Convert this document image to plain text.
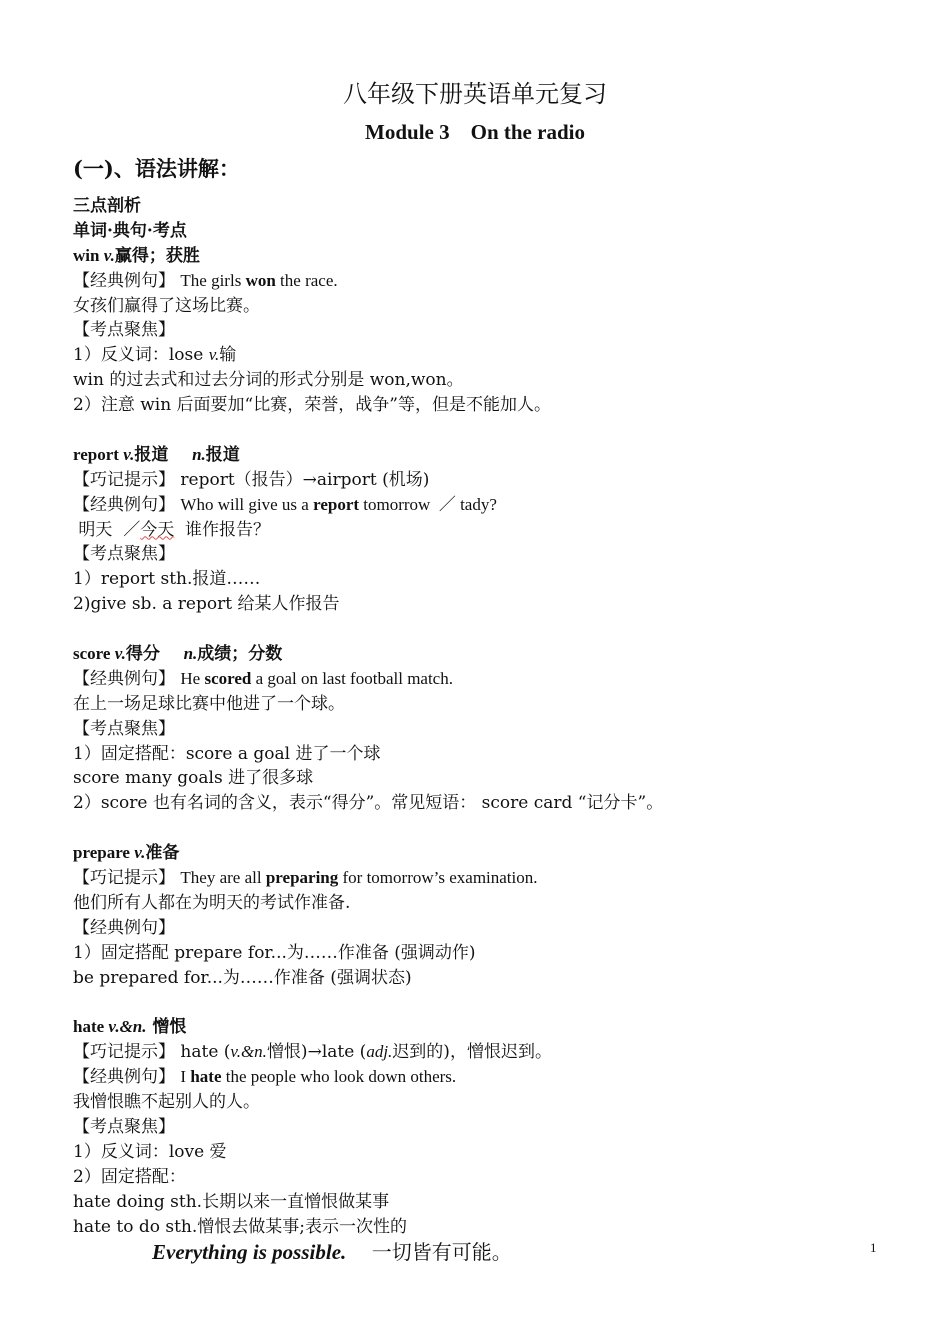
八年级下册英语单元复习
Module 3    On the radio
(一)、语法讲解：
三点剖析
单词·典句·考点
win v.赢得；获胜
【经典例句】 The girls won the race.
女孩们赢得了这场比赛。
【考点聚焦】
1）反义词：lose v.输
win 的过去式和过去分词的形式分别是 won,won。
2）注意 win 后面要加“比赛，荣誉，战争”等，但是不能加人。
report v.报道    n.报道
【巧记提示】 report（报告）→airport (机场)
【经典例句】 Who will give us a report tomorrow  ／ tady?
明天  ／今天  谁作报告？
【考点聚焦】
1）report sth.报道……
2)give sb. a report 给某人作报告
score v.得分    n.成绩；分数
【经典例句】 He scored a goal on last football match.
在上一场足球比赛中他进了一个球。
【考点聚焦】
1）固定搭配：score a goal 进了一个球
score many goals 进了很多球
2）score 也有名词的含义，表示“得分”。常见短语： score card “记分卡”。
prepare v.准备
【巧记提示】 They are all preparing for tomorrow’s examination.
他们所有人都在为明天的考试作准备.
【经典例句】
1）固定搭配 prepare for...为……作准备 (强调动作)
be prepared for...为……作准备 (强调状态)
hate v.&n. 憎恨
【巧记提示】 hate (v.&n.憎恨)→late (adj.迟到的)，憎恨迟到。
【经典例句】 I hate the people who look down others.
我憎恨瞧不起别人的人。
【考点聚焦】
1）反义词：love 爱
2）固定搭配：
hate doing sth.长期以来一直憎恨做某事
hate to do sth.憎恨去做某事;表示一次性的
Everything is possible.    一切皆有可能。	1
